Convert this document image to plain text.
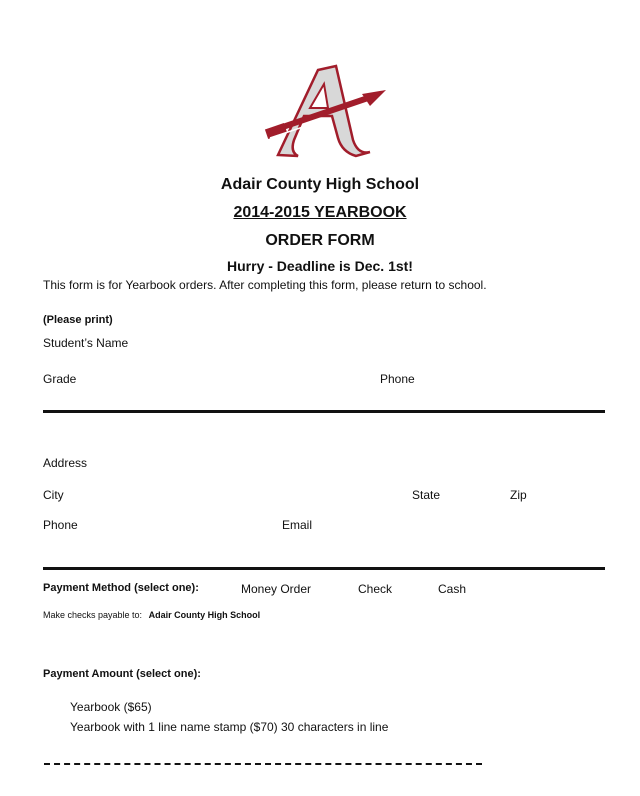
Adair County High School
2014-2015 YEARBOOK
ORDER FORM
Hurry - Deadline is Dec. 1st!
This form is for Yearbook orders. After completing this form, please return to school.
(Please print)
Student’s Name
Grade	Phone
Address
City	State	Zip
Phone	Email
Payment Method (select one):	Money Order	Check	Cash
Make checks payable to: Adair County High School
Payment Amount (select one):
Yearbook ($65)
Yearbook with 1 line name stamp ($70) 30 characters in line
